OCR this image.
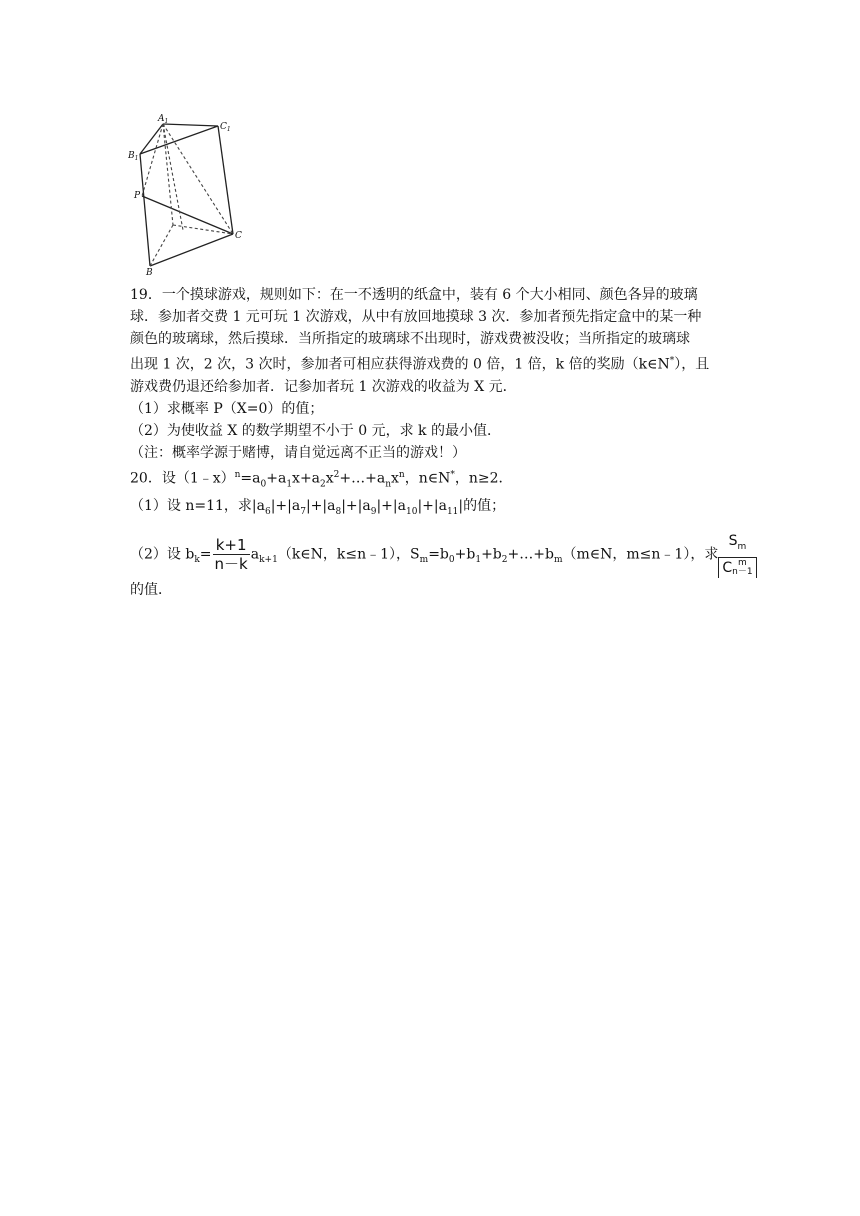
$A_1$
$C_1$
$B_1$
P
C
B
19．一个摸球游戏，规则如下：在一不透明的纸盒中，装有 6 个大小相同、颜色各异的玻璃
球．参加者交费 1 元可玩 1 次游戏，从中有放回地摸球 3 次．参加者预先指定盒中的某一种
颜色的玻璃球，然后摸球．当所指定的玻璃球不出现时，游戏费被没收；当所指定的玻璃球
出现 1 次，2 次，3 次时，参加者可相应获得游戏费的 0 倍，1 倍，k 倍的奖励（k∈N*），且
游戏费仍退还给参加者．记参加者玩 1 次游戏的收益为 X 元．
（1）求概率 P（X=0）的值；
（2）为使收益 X 的数学期望不小于 0 元，求 k 的最小值．
（注：概率学源于赌博，请自觉远离不正当的游戏！）
20．设$(1﹣x)^n=a_0+a_1x+a_2x^2+\dots+a_nx^n$，n∈N*，n≥2．
（1）设 n=11，求$|a_6|+|a_7|+|a_8|+|a_9|+|a_{10}|+|a_{11}|$的值；
（2）设 $b_k= \frac{k+1}{n-k}$ $a_{k+1}(k\in N$，k≤n﹣1），$S_m=b_0+b_1+b_2+\dots+b_m(m\in N$，m≤n﹣1），求
$S_m$
C m
n－1
的值．
